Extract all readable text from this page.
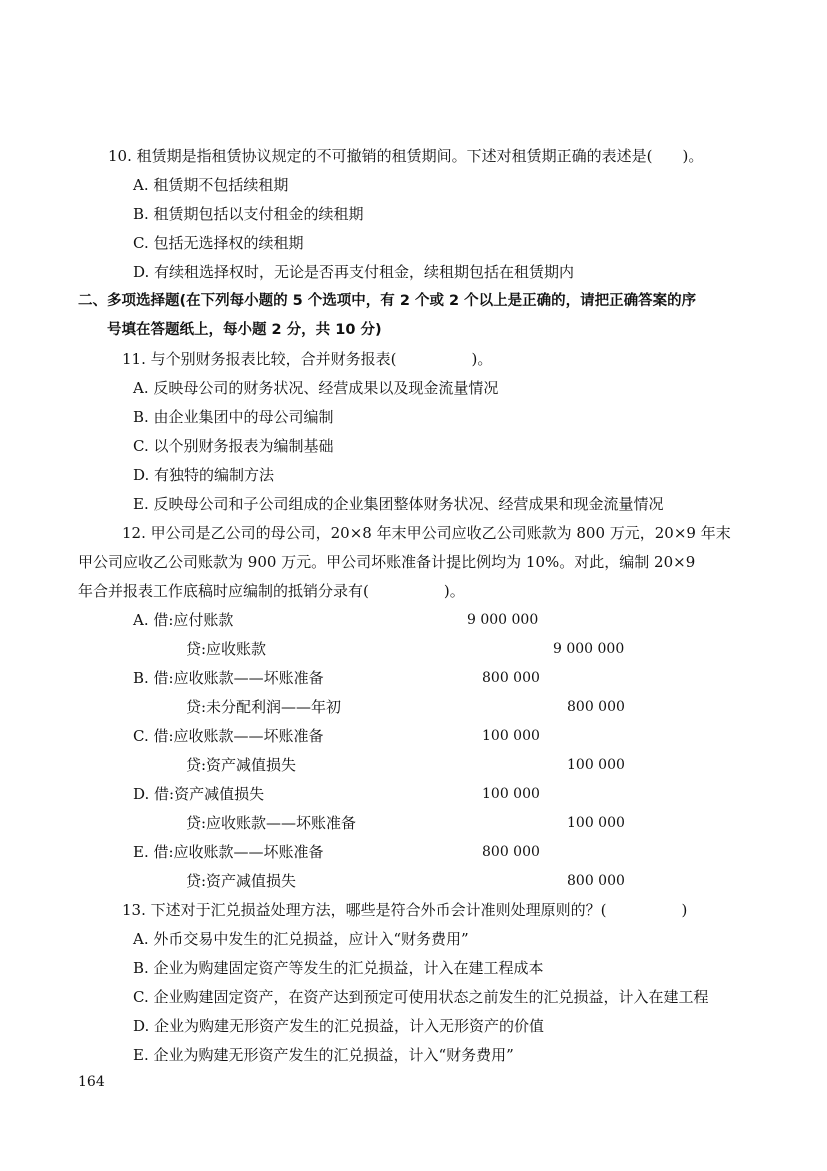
10. 租赁期是指租赁协议规定的不可撤销的租赁期间。下述对租赁期正确的表述是(　　)。
A. 租赁期不包括续租期
B. 租赁期包括以支付租金的续租期
C. 包括无选择权的续租期
D. 有续租选择权时，无论是否再支付租金，续租期包括在租赁期内
二、多项选择题(在下列每小题的 5 个选项中，有 2 个或 2 个以上是正确的，请把正确答案的序
号填在答题纸上，每小题 2 分，共 10 分)
11. 与个别财务报表比较，合并财务报表(　　　　　)。
A. 反映母公司的财务状况、经营成果以及现金流量情况
B. 由企业集团中的母公司编制
C. 以个别财务报表为编制基础
D. 有独特的编制方法
E. 反映母公司和子公司组成的企业集团整体财务状况、经营成果和现金流量情况
12. 甲公司是乙公司的母公司，20×8 年末甲公司应收乙公司账款为 800 万元，20×9 年末
甲公司应收乙公司账款为 900 万元。甲公司坏账准备计提比例均为 10%。对此，编制 20×9
年合并报表工作底稿时应编制的抵销分录有(　　　　　)。
A. 借:应付账款	9 000 000
贷:应收账款	9 000 000
B. 借:应收账款——坏账准备	800 000
贷:未分配利润——年初	800 000
C. 借:应收账款——坏账准备	100 000
贷:资产减值损失	100 000
D. 借:资产减值损失	100 000
贷:应收账款——坏账准备	100 000
E. 借:应收账款——坏账准备	800 000
贷:资产减值损失	800 000
13. 下述对于汇兑损益处理方法，哪些是符合外币会计准则处理原则的？(　　　　　)
A. 外币交易中发生的汇兑损益，应计入“财务费用”
B. 企业为购建固定资产等发生的汇兑损益，计入在建工程成本
C. 企业购建固定资产，在资产达到预定可使用状态之前发生的汇兑损益，计入在建工程
D. 企业为购建无形资产发生的汇兑损益，计入无形资产的价值
E. 企业为购建无形资产发生的汇兑损益，计入“财务费用”
164
